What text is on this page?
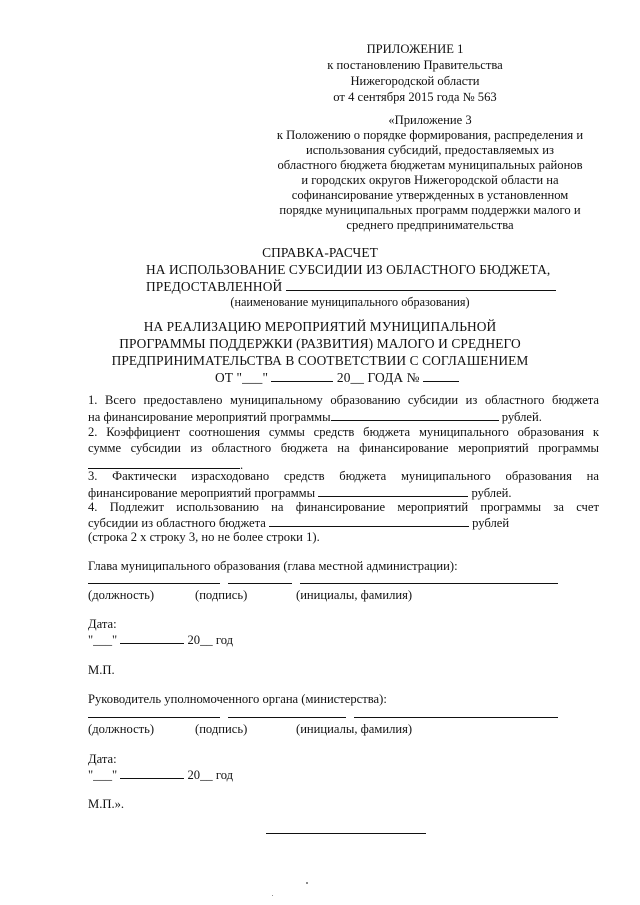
ПРИЛОЖЕНИЕ 1
к постановлению Правительства
Нижегородской области
от 4 сентября 2015 года № 563
«Приложение 3
к Положению о порядке формирования, распределения и
использования субсидий, предоставляемых из
областного бюджета бюджетам муниципальных районов
и городских округов Нижегородской области на
софинансирование утвержденных в установленном
порядке муниципальных программ поддержки малого и
среднего предпринимательства
СПРАВКА-РАСЧЕТ
НА ИСПОЛЬЗОВАНИЕ СУБСИДИИ ИЗ ОБЛАСТНОГО БЮДЖЕТА,
ПРЕДОСТАВЛЕННОЙ
(наименование муниципального образования)
НА РЕАЛИЗАЦИЮ МЕРОПРИЯТИЙ МУНИЦИПАЛЬНОЙ
ПРОГРАММЫ ПОДДЕРЖКИ (РАЗВИТИЯ) МАЛОГО И СРЕДНЕГО
ПРЕДПРИНИМАТЕЛЬСТВА В СООТВЕТСТВИИ С СОГЛАШЕНИЕМ
ОТ "___"	20__ ГОДА №
1. Всего предоставлено муниципальному образованию субсидии из областного бюджета
на финансирование мероприятий программы	рублей.
2. Коэффициент соотношения суммы средств бюджета муниципального образования к
сумме субсидии из областного бюджета на финансирование мероприятий программы
.
3. Фактически израсходовано средств бюджета муниципального образования на
финансирование мероприятий программы	рублей.
4. Подлежит использованию на финансирование мероприятий программы за счет
субсидии из областного бюджета	рублей
(строка 2 x строку 3, но не более строки 1).
Глава муниципального образования (глава местной администрации):
(должность)	(подпись)	(инициалы, фамилия)
Дата:
"___"	20__ год
М.П.
Руководитель уполномоченного органа (министерства):
(должность)	(подпись)	(инициалы, фамилия)
Дата:
"___"	20__ год
М.П.».
